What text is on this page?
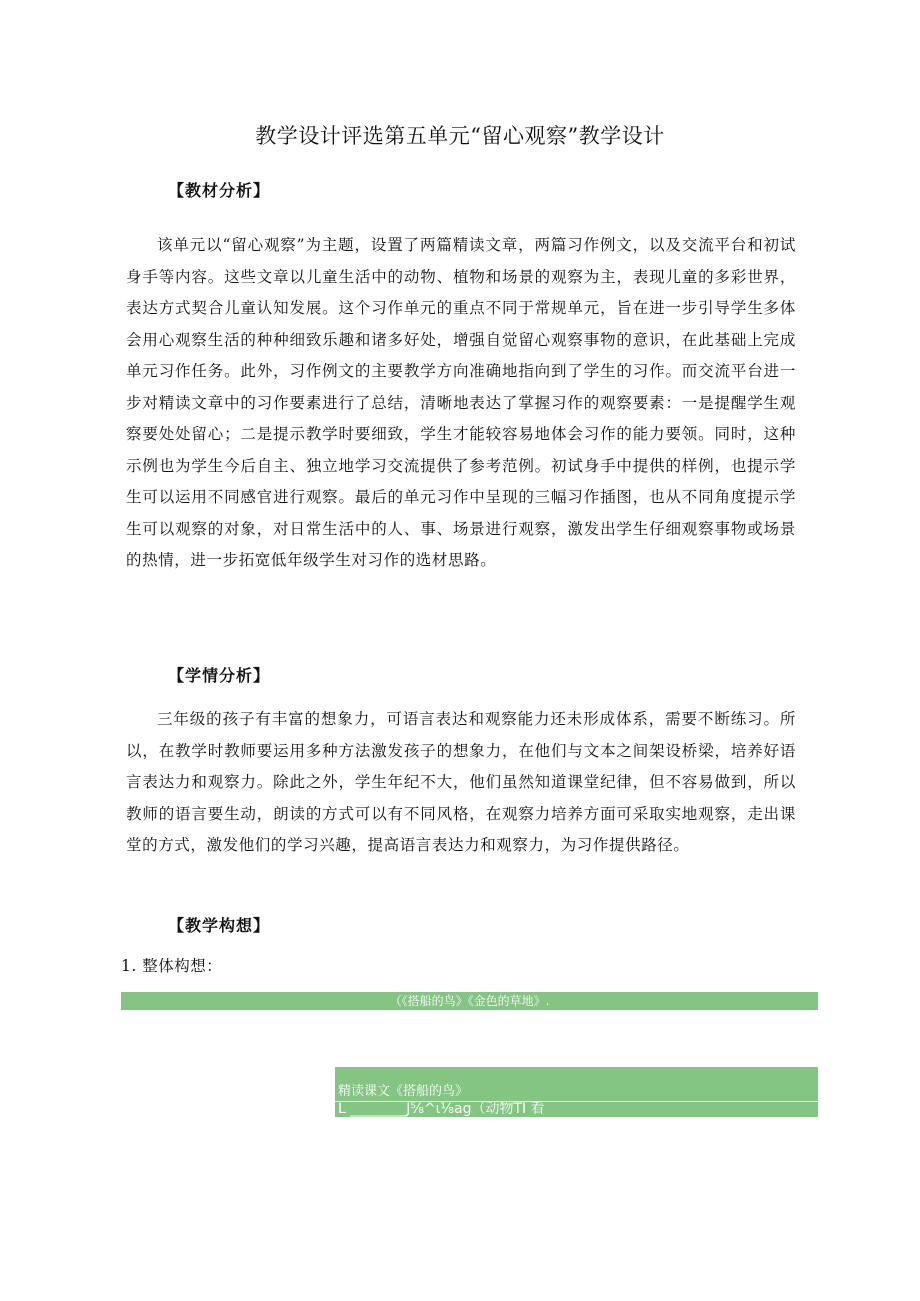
教学设计评选第五单元“留心观察”教学设计
【教材分析】

该单元以“留心观察”为主题，设置了两篇精读文章，两篇习作例文，以及交流平台和初试身手等内容。这些文章以儿童生活中的动物、植物和场景的观察为主，表现儿童的多彩世界，表达方式契合儿童认知发展。这个习作单元的重点不同于常规单元，旨在进一步引导学生多体会用心观察生活的种种细致乐趣和诸多好处，增强自觉留心观察事物的意识，在此基础上完成单元习作任务。此外，习作例文的主要教学方向准确地指向到了学生的习作。而交流平台进一步对精读文章中的习作要素进行了总结，清晰地表达了掌握习作的观察要素：一是提醒学生观察要处处留心；二是提示教学时要细致，学生才能较容易地体会习作的能力要领。同时，这种示例也为学生今后自主、独立地学习交流提供了参考范例。初试身手中提供的样例，也提示学生可以运用不同感官进行观察。最后的单元习作中呈现的三幅习作插图，也从不同角度提示学生可以观察的对象，对日常生活中的人、事、场景进行观察，激发出学生仔细观察事物或场景的热情，进一步拓宽低年级学生对习作的选材思路。

【学情分析】

三年级的孩子有丰富的想象力，可语言表达和观察能力还未形成体系，需要不断练习。所以，在教学时教师要运用多种方法激发孩子的想象力，在他们与文本之间架设桥梁，培养好语言表达力和观察力。除此之外，学生年纪不大，他们虽然知道课堂纪律，但不容易做到，所以教师的语言要生动，朗读的方式可以有不同风格，在观察力培养方面可采取实地观察，走出课堂的方式，激发他们的学习兴趣，提高语言表达力和观察力，为习作提供路径。

【教学构想】
1. 整体构想：
（《搭船的鸟》《金色的草地》.
精读课文《搭船的鸟》
L ________J⅝^ι⅛ag（动物TI 看
